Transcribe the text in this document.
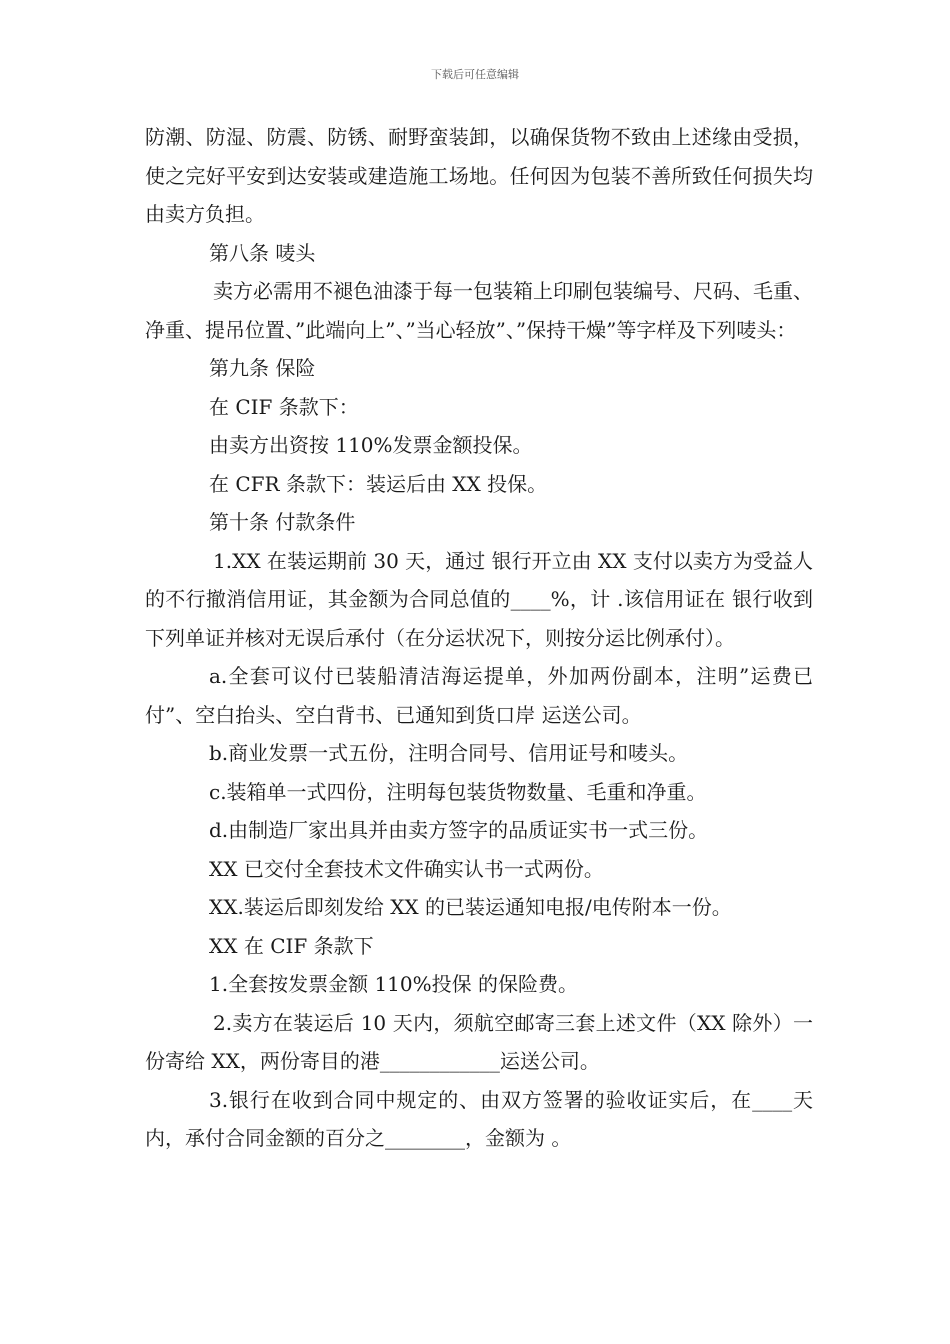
下载后可任意编辑

防潮、防湿、防震、防锈、耐野蛮装卸，以确保货物不致由上述缘由受损，使之完好平安到达安装或建造施工场地。任何因为包装不善所致任何损失均由卖方负担。

第八条 唛头

卖方必需用不褪色油漆于每一包装箱上印刷包装编号、尺码、毛重、净重、提吊位置、”此端向上”、”当心轻放”、”保持干燥”等字样及下列唛头：

第九条 保险

在 CIF 条款下：

由卖方出资按 110%发票金额投保。

在 CFR 条款下：装运后由 XX 投保。

第十条 付款条件

1.XX 在装运期前 30 天，通过 银行开立由 XX 支付以卖方为受益人的不行撤消信用证，其金额为合同总值的____%，计 .该信用证在 银行收到下列单证并核对无误后承付（在分运状况下，则按分运比例承付）。

a.全套可议付已装船清洁海运提单，外加两份副本，注明”运费已付”、空白抬头、空白背书、已通知到货口岸 运送公司。

b.商业发票一式五份，注明合同号、信用证号和唛头。

c.装箱单一式四份，注明每包装货物数量、毛重和净重。

d.由制造厂家出具并由卖方签字的品质证实书一式三份。

XX 已交付全套技术文件确实认书一式两份。

XX.装运后即刻发给 XX 的已装运通知电报/电传附本一份。

XX 在 CIF 条款下

1.全套按发票金额 110%投保 的保险费。

2.卖方在装运后 10 天内，须航空邮寄三套上述文件（XX 除外）一份寄给 XX，两份寄目的港____________运送公司。

3.银行在收到合同中规定的、由双方签署的验收证实后，在____天内，承付合同金额的百分之________，金额为 。
